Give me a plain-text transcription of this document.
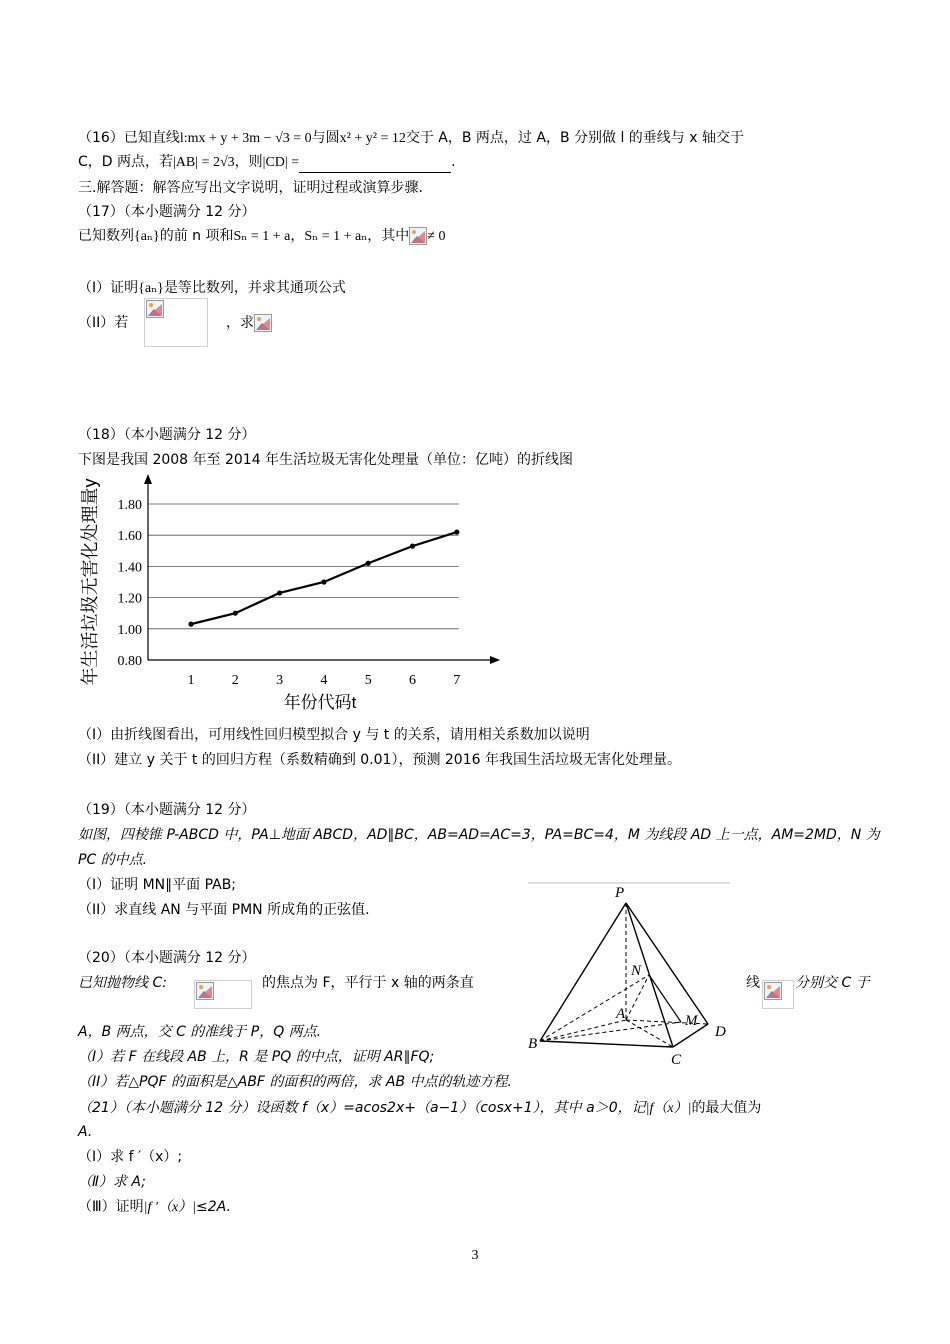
（16）已知直线l:mx + y + 3m − √3 = 0与圆x² + y² = 12交于 A，B 两点，过 A，B 分别做 l 的垂线与 x 轴交于
C，D 两点，若|AB| = 2√3，则|CD| =	.
三.解答题：解答应写出文字说明，证明过程或演算步骤.
（17）（本小题满分 12 分）
已知数列{aₙ}的前 n 项和Sₙ = 1 + a，Sₙ = 1 + aₙ，其中 ≠ 0
（I）证明{aₙ}是等比数列，并求其通项公式
（II）若	，求
（18）（本小题满分 12 分）
下图是我国 2008 年至 2014 年生活垃圾无害化处理量（单位：亿吨）的折线图
0.80
1.00
1.20
1.40
1.60
1.80
1	2	3	4	5	6	7
年份代码t
年生活垃圾无害化处理量y
（I）由折线图看出，可用线性回归模型拟合 y 与 t 的关系，请用相关系数加以说明
（II）建立 y 关于 t 的回归方程（系数精确到 0.01），预测 2016 年我国生活垃圾无害化处理量。
（19）（本小题满分 12 分）
如图，四棱锥 P-ABCD 中，PA⊥地面 ABCD，AD∥BC，AB=AD=AC=3，PA=BC=4，M 为线段 AD 上一点，AM=2MD，N 为
PC 的中点.
（I）证明 MN∥平面 PAB;
（II）求直线 AN 与平面 PMN 所成角的正弦值.
P
N
A	M
D
B
C
（20）（本小题满分 12 分）
已知抛物线 C:	的焦点为 F，平行于 x 轴的两条直	线	分别交 C 于
A，B 两点，交 C 的准线于 P，Q 两点.
（I）若 F 在线段 AB 上，R 是 PQ 的中点，证明 AR∥FQ;
（II）若△PQF 的面积是△ABF 的面积的两倍，求 AB 中点的轨迹方程.
（21）（本小题满分 12 分）设函数 f（x）=acos2x+（a−1）（cosx+1），其中 a＞0，记|f（x）|的最大值为
A.
（Ⅰ）求 f ′（x）;
（Ⅱ）求 A;
（Ⅲ）证明|f ′（x）|≤2A.
3
